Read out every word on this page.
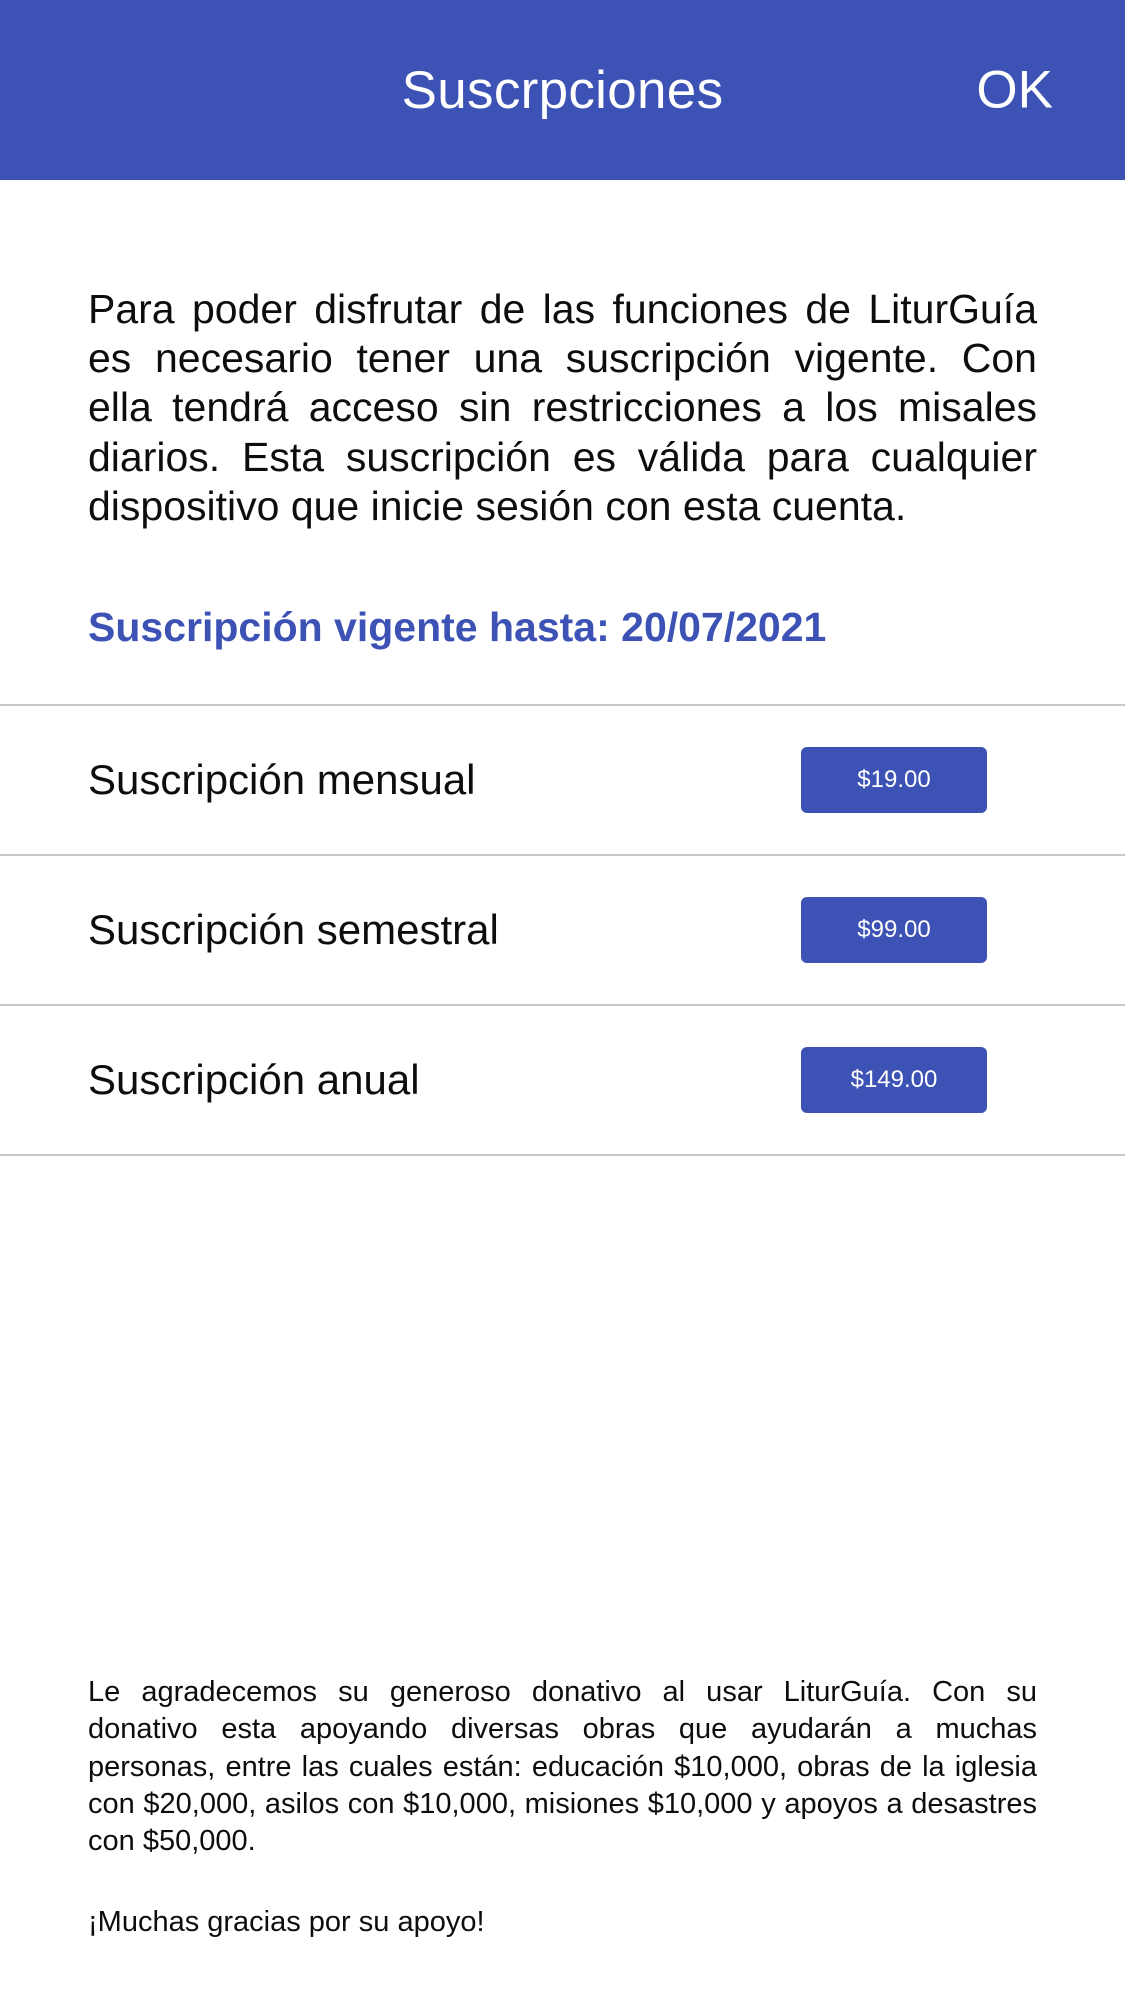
Suscrpciones	OK
Para poder disfrutar de las funciones de LiturGuía es necesario tener una suscripción vigente. Con ella tendrá acceso sin restricciones a los misales diarios. Esta suscripción es válida para cualquier dispositivo que inicie sesión con esta cuenta.
Suscripción vigente hasta: 20/07/2021
Suscripción mensual	$19.00
Suscripción semestral	$99.00
Suscripción anual	$149.00

Le agradecemos su generoso donativo al usar LiturGuía. Con su donativo esta apoyando diversas obras que ayudarán a muchas personas, entre las cuales están: educación $10,000, obras de la iglesia con $20,000, asilos con $10,000, misiones $10,000 y apoyos a desastres con $50,000.

¡Muchas gracias por su apoyo!
